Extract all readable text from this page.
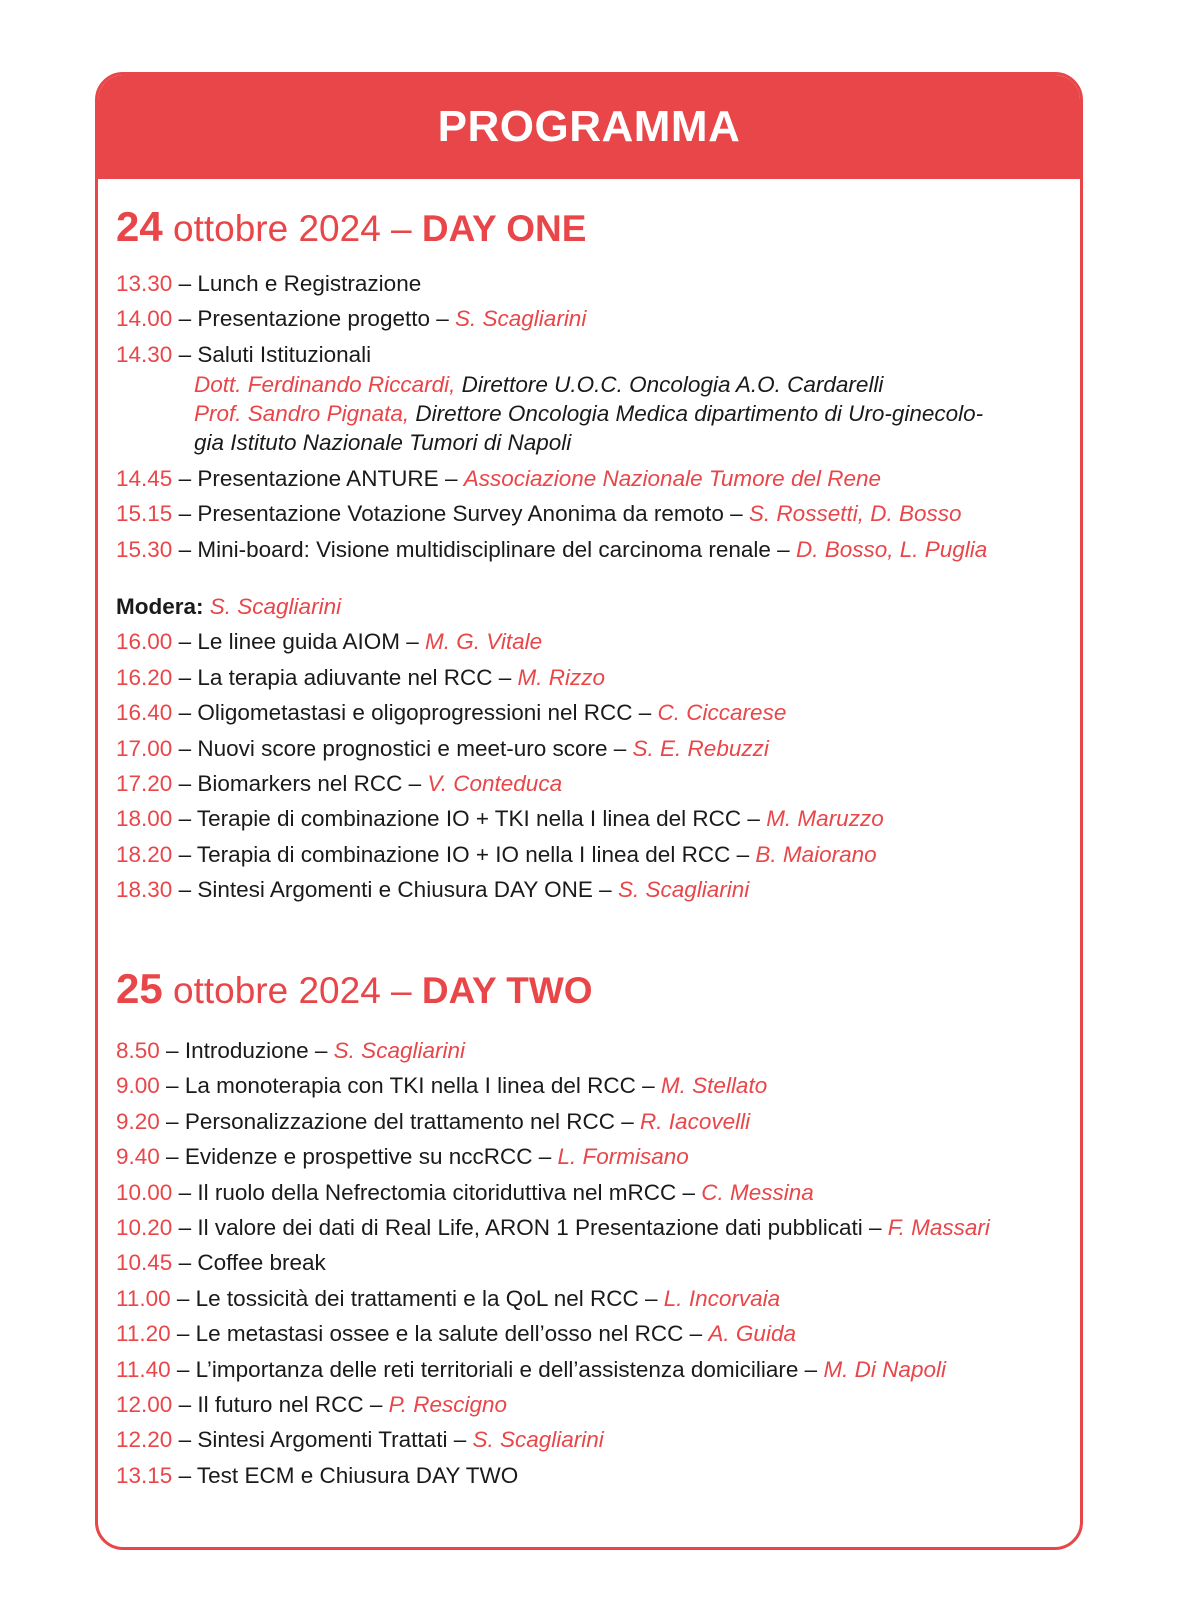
PROGRAMMA
24 ottobre 2024 – DAY ONE
13.30 – Lunch e Registrazione
14.00 – Presentazione progetto – S. Scagliarini
14.30 – Saluti Istituzionali
Dott. Ferdinando Riccardi, Direttore U.O.C. Oncologia A.O. Cardarelli
Prof. Sandro Pignata, Direttore Oncologia Medica dipartimento di Uro-ginecolo-
gia Istituto Nazionale Tumori di Napoli
14.45 – Presentazione ANTURE – Associazione Nazionale Tumore del Rene
15.15 – Presentazione Votazione Survey Anonima da remoto – S. Rossetti, D. Bosso
15.30 – Mini-board: Visione multidisciplinare del carcinoma renale – D. Bosso, L. Puglia
Modera: S. Scagliarini
16.00 – Le linee guida AIOM – M. G. Vitale
16.20 – La terapia adiuvante nel RCC – M. Rizzo
16.40 – Oligometastasi e oligoprogressioni nel RCC – C. Ciccarese
17.00 – Nuovi score prognostici e meet-uro score – S. E. Rebuzzi
17.20 – Biomarkers nel RCC – V. Conteduca
18.00 – Terapie di combinazione IO + TKI nella I linea del RCC – M. Maruzzo
18.20 – Terapia di combinazione IO + IO nella I linea del RCC – B. Maiorano
18.30 – Sintesi Argomenti e Chiusura DAY ONE – S. Scagliarini
25 ottobre 2024 – DAY TWO
8.50 – Introduzione – S. Scagliarini
9.00 – La monoterapia con TKI nella I linea del RCC – M. Stellato
9.20 – Personalizzazione del trattamento nel RCC – R. Iacovelli
9.40 – Evidenze e prospettive su nccRCC – L. Formisano
10.00 – Il ruolo della Nefrectomia citoriduttiva nel mRCC – C. Messina
10.20 – Il valore dei dati di Real Life, ARON 1 Presentazione dati pubblicati – F. Massari
10.45 – Coffee break
11.00 – Le tossicità dei trattamenti e la QoL nel RCC – L. Incorvaia
11.20 – Le metastasi ossee e la salute dell’osso nel RCC – A. Guida
11.40 – L’importanza delle reti territoriali e dell’assistenza domiciliare – M. Di Napoli
12.00 – Il futuro nel RCC – P. Rescigno
12.20 – Sintesi Argomenti Trattati – S. Scagliarini
13.15 – Test ECM e Chiusura DAY TWO
